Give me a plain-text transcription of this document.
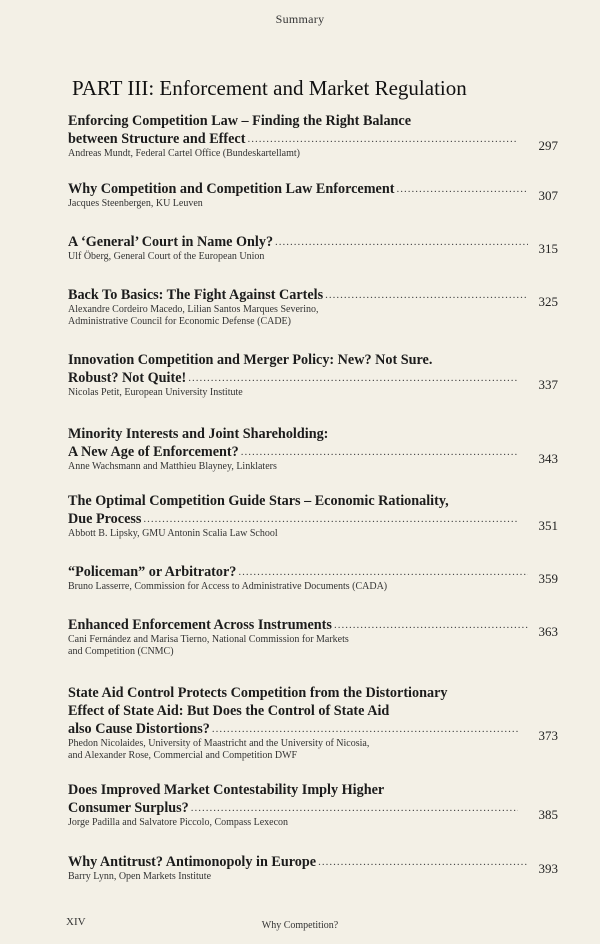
Summary
PART III: Enforcement and Market Regulation
Enforcing Competition Law – Finding the Right Balance
between Structure and Effect
.....
Andreas Mundt, Federal Cartel Office (Bundeskartellamt)
297
Why Competition and Competition Law Enforcement
.....
Jacques Steenbergen, KU Leuven
307
A ‘General’ Court in Name Only?
.....
Ulf Öberg, General Court of the European Union
315
Back To Basics: The Fight Against Cartels
.....
Alexandre Cordeiro Macedo, Lilian Santos Marques Severino,
Administrative Council for Economic Defense (CADE)
325
Innovation Competition and Merger Policy: New? Not Sure.
Robust? Not Quite!
.....
Nicolas Petit, European University Institute
337
Minority Interests and Joint Shareholding:
A New Age of Enforcement?
.....
Anne Wachsmann and Matthieu Blayney, Linklaters
343
The Optimal Competition Guide Stars – Economic Rationality,
Due Process
.....
Abbott B. Lipsky, GMU Antonin Scalia Law School
351
“Policeman” or Arbitrator?
.....
Bruno Lasserre, Commission for Access to Administrative Documents (CADA)
359
Enhanced Enforcement Across Instruments
.....
Cani Fernández and Marisa Tierno, National Commission for Markets
and Competition (CNMC)
363
State Aid Control Protects Competition from the Distortionary
Effect of State Aid: But Does the Control of State Aid
also Cause Distortions?
.....
Phedon Nicolaides, University of Maastricht and the University of Nicosia,
and Alexander Rose, Commercial and Competition DWF
373
Does Improved Market Contestability Imply Higher
Consumer Surplus?
.....
Jorge Padilla and Salvatore Piccolo, Compass Lexecon
385
Why Antitrust? Antimonopoly in Europe
.....
Barry Lynn, Open Markets Institute
393
XIV	Why Competition?
